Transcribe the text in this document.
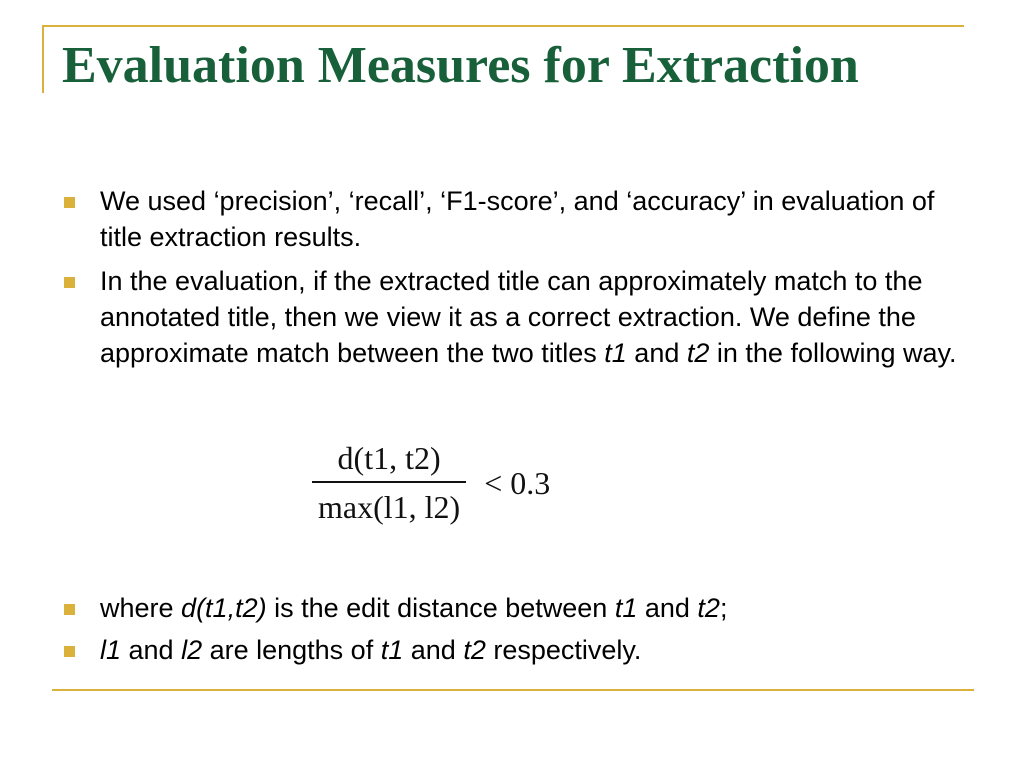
Evaluation Measures for Extraction
We used ‘precision’, ‘recall’, ‘F1-score’, and ‘accuracy’ in evaluation of title extraction results.
In the evaluation, if the extracted title can approximately match to the annotated title, then we view it as a correct extraction. We define the approximate match between the two titles t1 and t2 in the following way.
$\frac{d(t1, t2)}{\max(l1, l2)} < 0.3$
where d(t1,t2) is the edit distance between t1 and t2;
l1 and l2 are lengths of t1 and t2 respectively.
